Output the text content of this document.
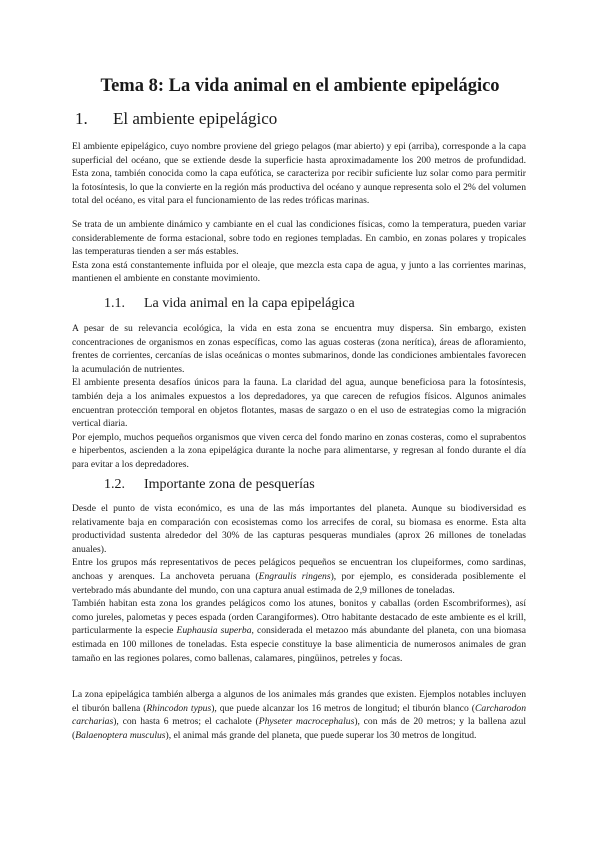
Tema 8: La vida animal en el ambiente epipelágico
1. El ambiente epipelágico

El ambiente epipelágico, cuyo nombre proviene del griego pelagos (mar abierto) y epi (arriba), corresponde a la capa superficial del océano, que se extiende desde la superficie hasta aproximadamente los 200 metros de profundidad. Esta zona, también conocida como la capa eufótica, se caracteriza por recibir suficiente luz solar como para permitir la fotosíntesis, lo que la convierte en la región más productiva del océano y aunque representa solo el 2% del volumen total del océano, es vital para el funcionamiento de las redes tróficas marinas.

Se trata de un ambiente dinámico y cambiante en el cual las condiciones físicas, como la temperatura, pueden variar considerablemente de forma estacional, sobre todo en regiones templadas. En cambio, en zonas polares y tropicales las temperaturas tienden a ser más estables.

Esta zona está constantemente influida por el oleaje, que mezcla esta capa de agua, y junto a las corrientes marinas, mantienen el ambiente en constante movimiento.

1.1. La vida animal en la capa epipelágica

A pesar de su relevancia ecológica, la vida en esta zona se encuentra muy dispersa. Sin embargo, existen concentraciones de organismos en zonas específicas, como las aguas costeras (zona nerítica), áreas de afloramiento, frentes de corrientes, cercanías de islas oceánicas o montes submarinos, donde las condiciones ambientales favorecen la acumulación de nutrientes.

El ambiente presenta desafíos únicos para la fauna. La claridad del agua, aunque beneficiosa para la fotosíntesis, también deja a los animales expuestos a los depredadores, ya que carecen de refugios físicos. Algunos animales encuentran protección temporal en objetos flotantes, masas de sargazo o en el uso de estrategias como la migración vertical diaria.

Por ejemplo, muchos pequeños organismos que viven cerca del fondo marino en zonas costeras, como el suprabentos e hiperbentos, ascienden a la zona epipelágica durante la noche para alimentarse, y regresan al fondo durante el día para evitar a los depredadores.

1.2. Importante zona de pesquerías

Desde el punto de vista económico, es una de las más importantes del planeta. Aunque su biodiversidad es relativamente baja en comparación con ecosistemas como los arrecifes de coral, su biomasa es enorme. Esta alta productividad sustenta alrededor del 30% de las capturas pesqueras mundiales (aprox 26 millones de toneladas anuales).

Entre los grupos más representativos de peces pelágicos pequeños se encuentran los clupeiformes, como sardinas, anchoas y arenques. La anchoveta peruana (Engraulis ringens), por ejemplo, es considerada posiblemente el vertebrado más abundante del mundo, con una captura anual estimada de 2,9 millones de toneladas.

También habitan esta zona los grandes pelágicos como los atunes, bonitos y caballas (orden Escombriformes), así como jureles, palometas y peces espada (orden Carangiformes). Otro habitante destacado de este ambiente es el krill, particularmente la especie Euphausia superba, considerada el metazoo más abundante del planeta, con una biomasa estimada en 100 millones de toneladas. Esta especie constituye la base alimenticia de numerosos animales de gran tamaño en las regiones polares, como ballenas, calamares, pingüinos, petreles y focas.

La zona epipelágica también alberga a algunos de los animales más grandes que existen. Ejemplos notables incluyen el tiburón ballena (Rhincodon typus), que puede alcanzar los 16 metros de longitud; el tiburón blanco (Carcharodon carcharias), con hasta 6 metros; el cachalote (Physeter macrocephalus), con más de 20 metros; y la ballena azul (Balaenoptera musculus), el animal más grande del planeta, que puede superar los 30 metros de longitud.
